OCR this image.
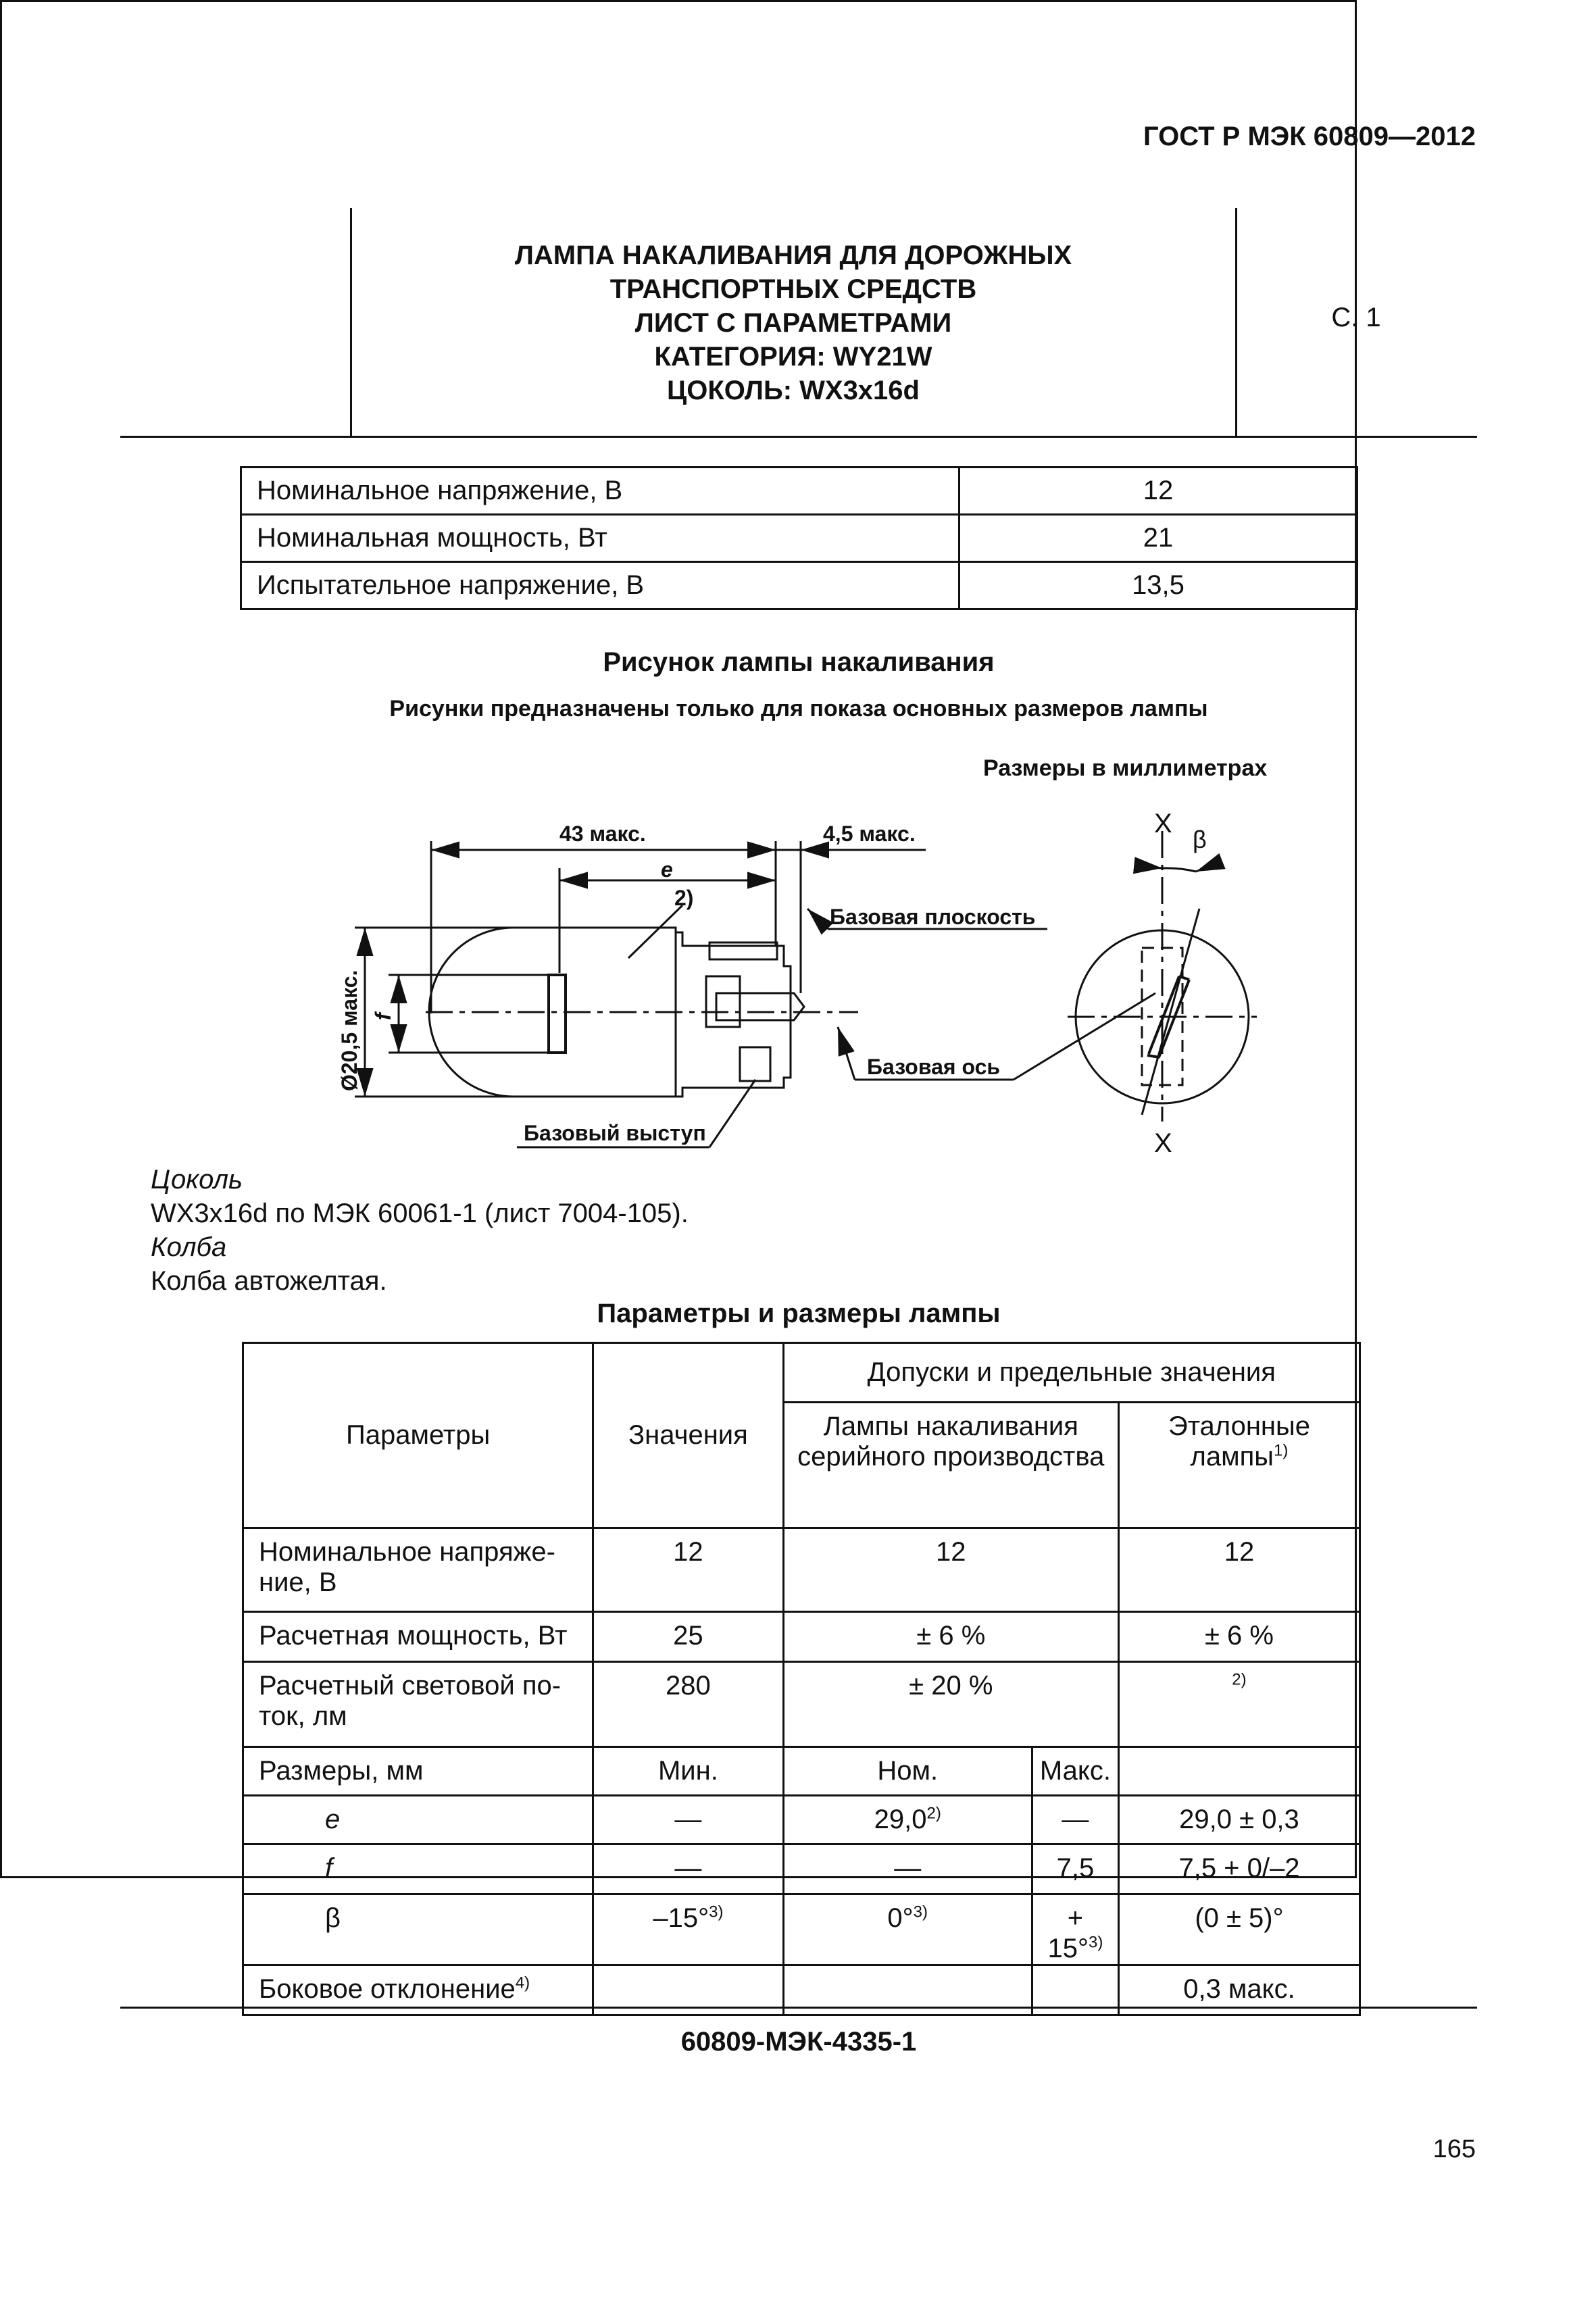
ГОСТ Р МЭК 60809—2012
ЛАМПА НАКАЛИВАНИЯ ДЛЯ ДОРОЖНЫХ
ТРАНСПОРТНЫХ СРЕДСТВ
ЛИСТ С ПАРАМЕТРАМИ
КАТЕГОРИЯ: WY21W
ЦОКОЛЬ: WX3x16d
С. 1
Номинальное напряжение, В	12
Номинальная мощность, Вт	21
Испытательное напряжение, В	13,5
Рисунок лампы накаливания
Рисунки предназначены только для показа основных размеров лампы
Размеры в миллиметрах
43 макс.
e
2)
4,5 макс.
Базовая плоскость
Базовая ось
Базовый выступ
Ø20,5 макс. f
X
X
β
Цоколь
WX3x16d по МЭК 60061-1 (лист 7004-105).
Колба
Колба автожелтая.
Параметры и размеры лампы
Параметры	Значения	Допуски и предельные значения		
		Лампы накаливания серийного производства		Эталонные лампы$^{1)}$
Номинальное напряже-ние, В	12	12		12
Расчетная мощность, Вт	25	± 6 %		± 6 %
Расчетный световой по-ток, лм	280	± 20 %		$^{2)}$
Размеры, мм	Мин.	Ном.	Макс.	
e	—	29,0$^{2)}$	—	29,0 ± 0,3
f	—	—	7,5	7,5 + 0/–2
β	–15°$^{3)}$	0°$^{3)}$	+ 15°$^{3)}$	(0 ± 5)°
Боковое отклонение$^{4)}$				0,3 макс.
60809-МЭК-4335-1
165
